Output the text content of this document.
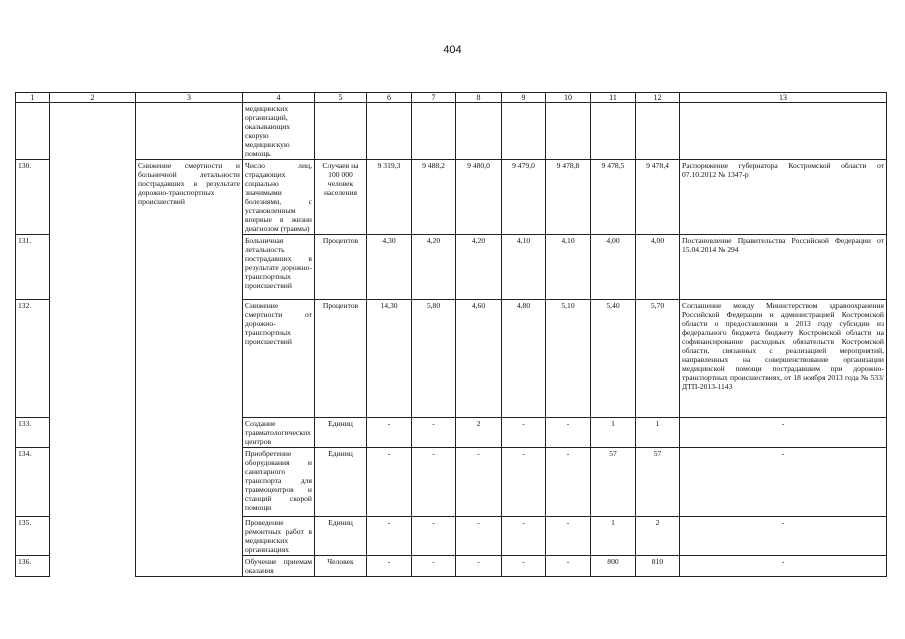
404
1	2	3	4	5	6	7	8	9	10	11	12	13
			медицинских организаций, оказывающих скорую медицинскую помощь									
130.		Снижение смертности и больничной летальности пострадавших в результате дорожно-транспортных происшествий	Число лиц, страдающих социально значимыми болезнями, с установленным впервые в жизни диагнозом (травмы)	Случаев на 100 000 человек населения	9 319,3	9 488,2	9 480,0	9 479,0	9 478,8	9 478,5	9 478,4	Распоряжение губернатора Костромской области от 07.10.2012 № 1347-р
131.			Больничная летальность пострадавших в результате дорожно-транспортных происшествий	Процентов	4,30	4,20	4,20	4,10	4,10	4,00	4,00	Постановление Правительства Российской Федерации от 15.04.2014 № 294
132.			Снижение смертности от дорожно-транспортных происшествий	Процентов	14,30	5,80	4,60	4,80	5,10	5,40	5,70	Соглашение между Министерством здравоохранения Российской Федерации и администрацией Костромской области о предоставлении в 2013 году субсидии из федерального бюджета бюджету Костромской области на софинансирование расходных обязательств Костромской области, связанных с реализацией мероприятий, направленных на совершенствование организации медицинской помощи пострадавшим при дорожно-транспортных происшествиях, от 18 ноября 2013 года № 533/ДТП-2013-1143
133.			Создание травматологических центров	Единиц	-	-	2	-	-	1	1	-
134.			Приобретение оборудования и санитарного транспорта для травмоцентров и станций скорой помощи	Единиц	-	-	-	-	-	57	57	-
135.			Проведение ремонтных работ в медицинских организациях	Единиц	-	-	-	-	-	1	2	-
136.			Обучение приемам оказания	Человек	-	-	-	-	-	800	810	-
